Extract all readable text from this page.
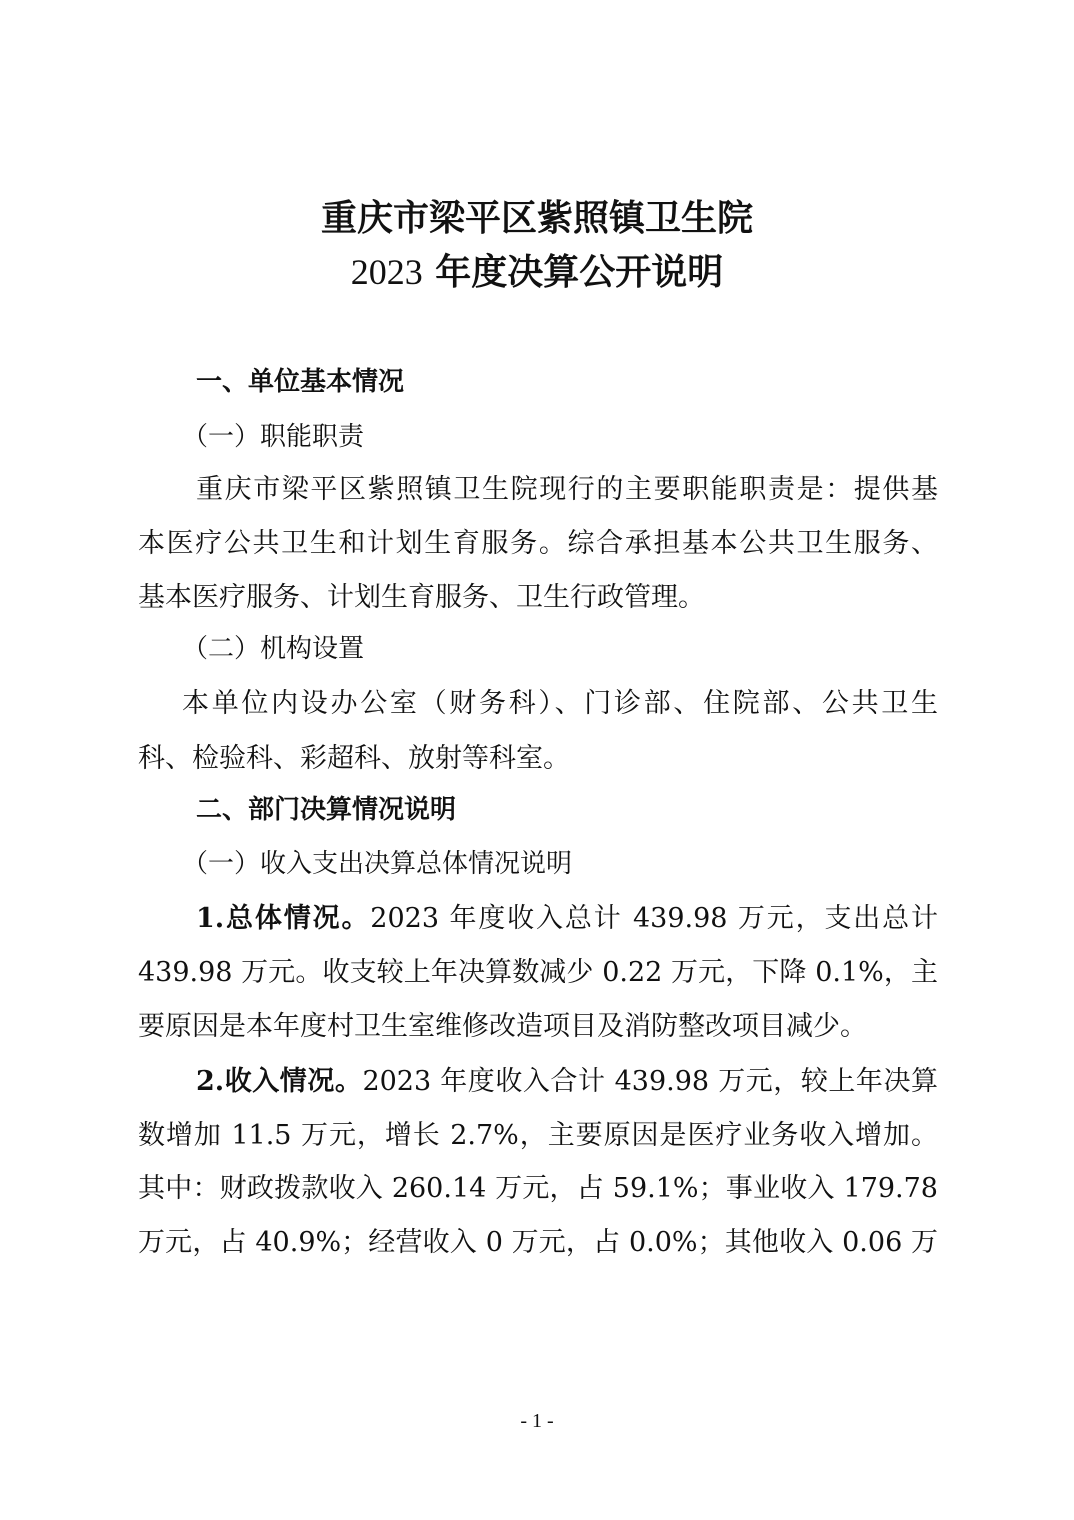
重庆市梁平区紫照镇卫生院
2023 年度决算公开说明
一、单位基本情况
（一）职能职责
重庆市梁平区紫照镇卫生院现行的主要职能职责是：提供基
本医疗公共卫生和计划生育服务。综合承担基本公共卫生服务、
基本医疗服务、计划生育服务、卫生行政管理。
（二）机构设置
本单位内设办公室（财务科）、门诊部、住院部、公共卫生
科、检验科、彩超科、放射等科室。
二、部门决算情况说明
（一）收入支出决算总体情况说明
1.总体情况。2023 年度收入总计 439.98 万元，支出总计
439.98 万元。收支较上年决算数减少 0.22 万元，下降 0.1%，主
要原因是本年度村卫生室维修改造项目及消防整改项目减少。
2.收入情况。2023 年度收入合计 439.98 万元，较上年决算
数增加 11.5 万元，增长 2.7%，主要原因是医疗业务收入增加。
其中：财政拨款收入 260.14 万元，占 59.1%；事业收入 179.78
万元，占 40.9%；经营收入 0 万元，占 0.0%；其他收入 0.06 万
- 1 -
